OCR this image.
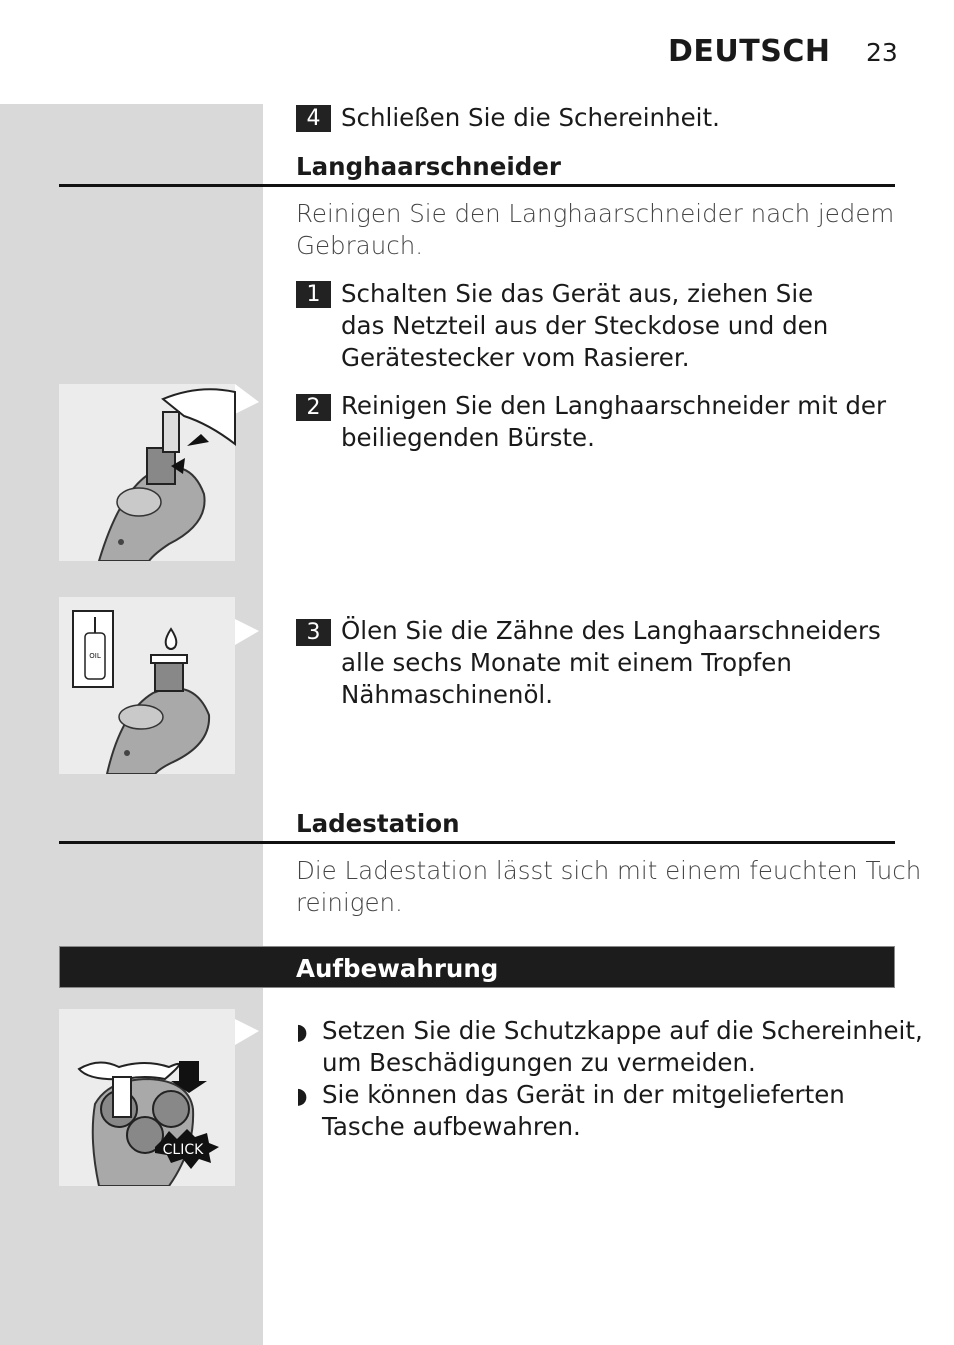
DEUTSCH 23
4 Schließen Sie die Schereinheit.
Langhaarschneider
Reinigen Sie den Langhaarschneider nach jedem
Gebrauch.
1 Schalten Sie das Gerät aus, ziehen Sie
das Netzteil aus der Steckdose und den
Gerätestecker vom Rasierer.
2 Reinigen Sie den Langhaarschneider mit der
beiliegenden Bürste.
3 Ölen Sie die Zähne des Langhaarschneiders
alle sechs Monate mit einem Tropfen
Nähmaschinenöl.
OIL
Ladestation
Die Ladestation lässt sich mit einem feuchten Tuch
reinigen.
Aufbewahrung
◗ Setzen Sie die Schutzkappe auf die Schereinheit,
um Beschädigungen zu vermeiden.
◗ Sie können das Gerät in der mitgelieferten
Tasche aufbewahren.
CLICK
